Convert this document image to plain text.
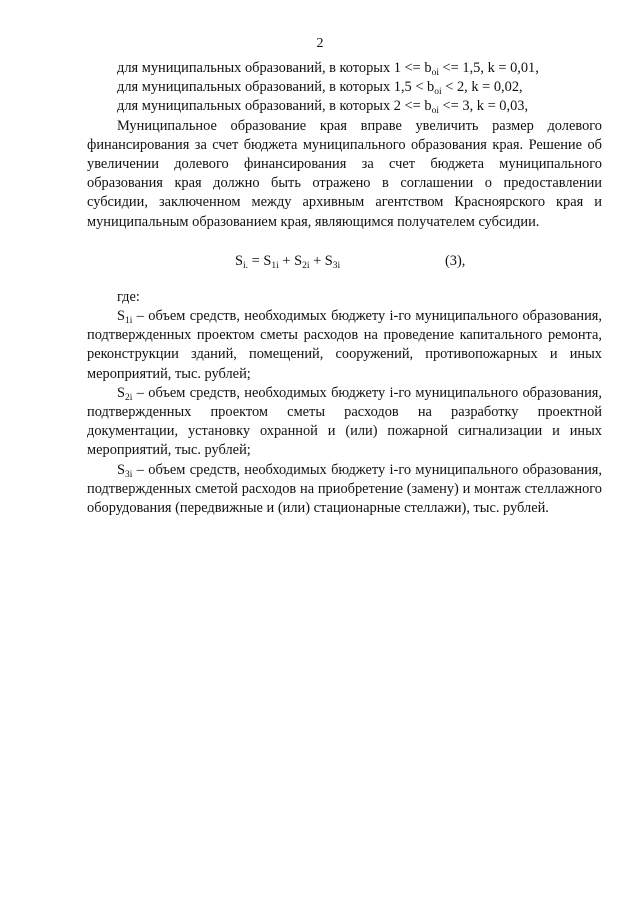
2

для муниципальных образований, в которых $1 <= b_{oi} <= 1,5$, k = 0,01,

для муниципальных образований, в которых $1,5 < b_{oi} < 2$, k = 0,02,

для муниципальных образований, в которых $2 <= b_{oi} <= 3$, k = 0,03,

Муниципальное образование края вправе увеличить размер долевого финансирования за счет бюджета муниципального образования края. Решение об увеличении долевого финансирования за счет бюджета муниципального образования края должно быть отражено в соглашении о предоставлении субсидии, заключенном между архивным агентством Красноярского края и муниципальным образованием края, являющимся получателем субсидии.

$S_{i.} = S_{1i} + S_{2i} + S_{3i}$	(3),

где:

$S_{1i}$ – объем средств, необходимых бюджету i-го муниципального образования, подтвержденных проектом сметы расходов на проведение капитального ремонта, реконструкции зданий, помещений, сооружений, противопожарных и иных мероприятий, тыс. рублей;

$S_{2i}$ – объем средств, необходимых бюджету i-го муниципального образования, подтвержденных проектом сметы расходов на разработку проектной документации, установку охранной и (или) пожарной сигнализации и иных мероприятий, тыс. рублей;

$S_{3i}$ – объем средств, необходимых бюджету i-го муниципального образования, подтвержденных сметой расходов на приобретение (замену) и монтаж стеллажного оборудования (передвижные и (или) стационарные стеллажи), тыс. рублей.
